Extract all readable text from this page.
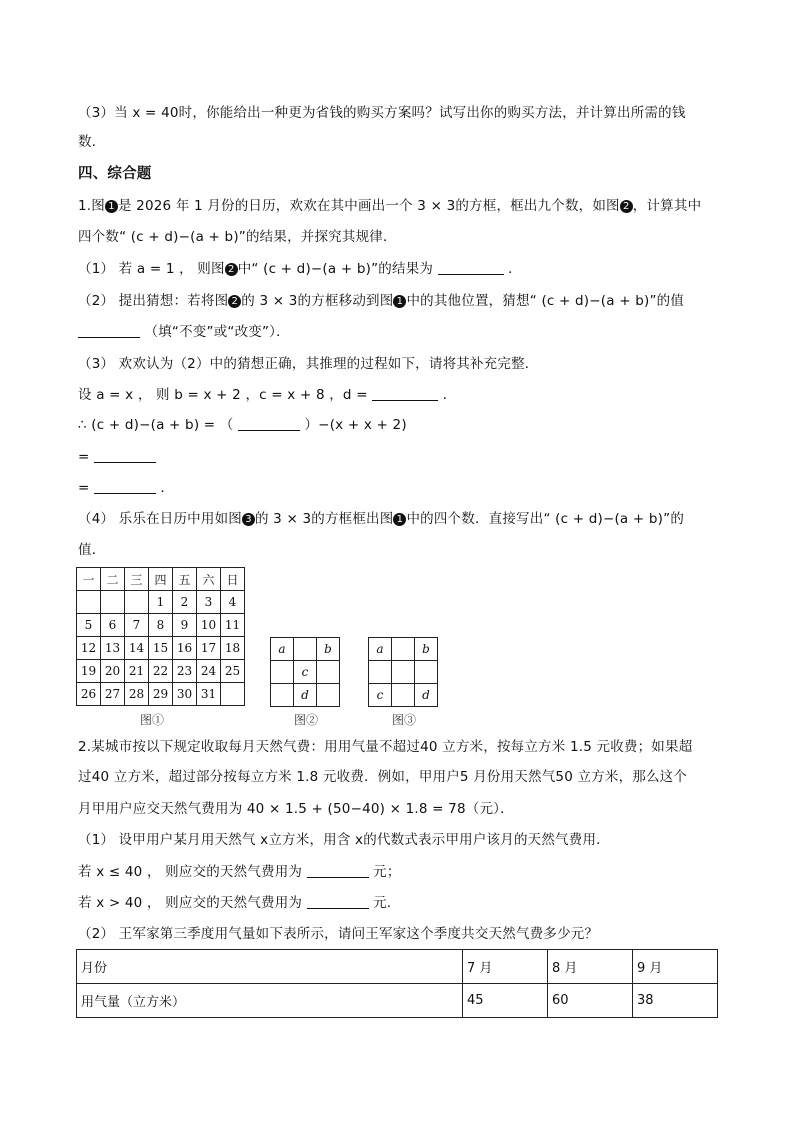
（3）当 x = 40时，你能给出一种更为省钱的购买方案吗？试写出你的购买方法，并计算出所需的钱
数．
四、综合题
1.图 1 是 2026 年 1 月份的日历，欢欢在其中画出一个 3 × 3的方框，框出九个数，如图 2 ，计算其中
四个数“ (c + d)−(a + b)”的结果，并探究其规律．
（1） 若 a = 1 ， 则图 2 中“ (c + d)−(a + b)”的结果为	．
（2） 提出猜想：若将图 2 的 3 × 3的方框移动到图 1 中的其他位置，猜想“ (c + d)−(a + b)”的值
（填“不变”或“改变”）．
（3） 欢欢认为（2）中的猜想正确，其推理的过程如下，请将其补充完整．
设 a = x ， 则 b = x + 2 ，c = x + 8 ，d =	．
∴ (c + d)−(a + b) = （	）−(x + x + 2)
=
=	．
（4） 乐乐在日历中用如图 3 的 3 × 3的方框框出图 1 中的四个数．直接写出“ (c + d)−(a + b)”的
值．
一	二	三	四	五	六	日
			1	2	3	4
5	6	7	8	9	10	11
12	13	14	15	16	17	18
19	20	21	22	23	24	25
26	27	28	29	30	31	
图①
a		b
	c	
	d	
图②
a		b

c		d
图③
2.某城市按以下规定收取每月天然气费：用用气量不超过40 立方米，按每立方米 1.5 元收费；如果超
过40 立方米，超过部分按每立方米 1.8 元收费．例如，甲用户5 月份用天然气50 立方米，那么这个
月甲用户应交天然气费用为 40 × 1.5 + (50−40) × 1.8 = 78（元）．
（1） 设甲用户某月用天然气 x立方米，用含 x的代数式表示甲用户该月的天然气费用．
若 x ≤ 40 ， 则应交的天然气费用为	元；
若 x > 40 ， 则应交的天然气费用为	元．
（2） 王军家第三季度用气量如下表所示，请问王军家这个季度共交天然气费多少元？
月份	7 月	8 月	9 月
用气量（立方米）	45	60	38
